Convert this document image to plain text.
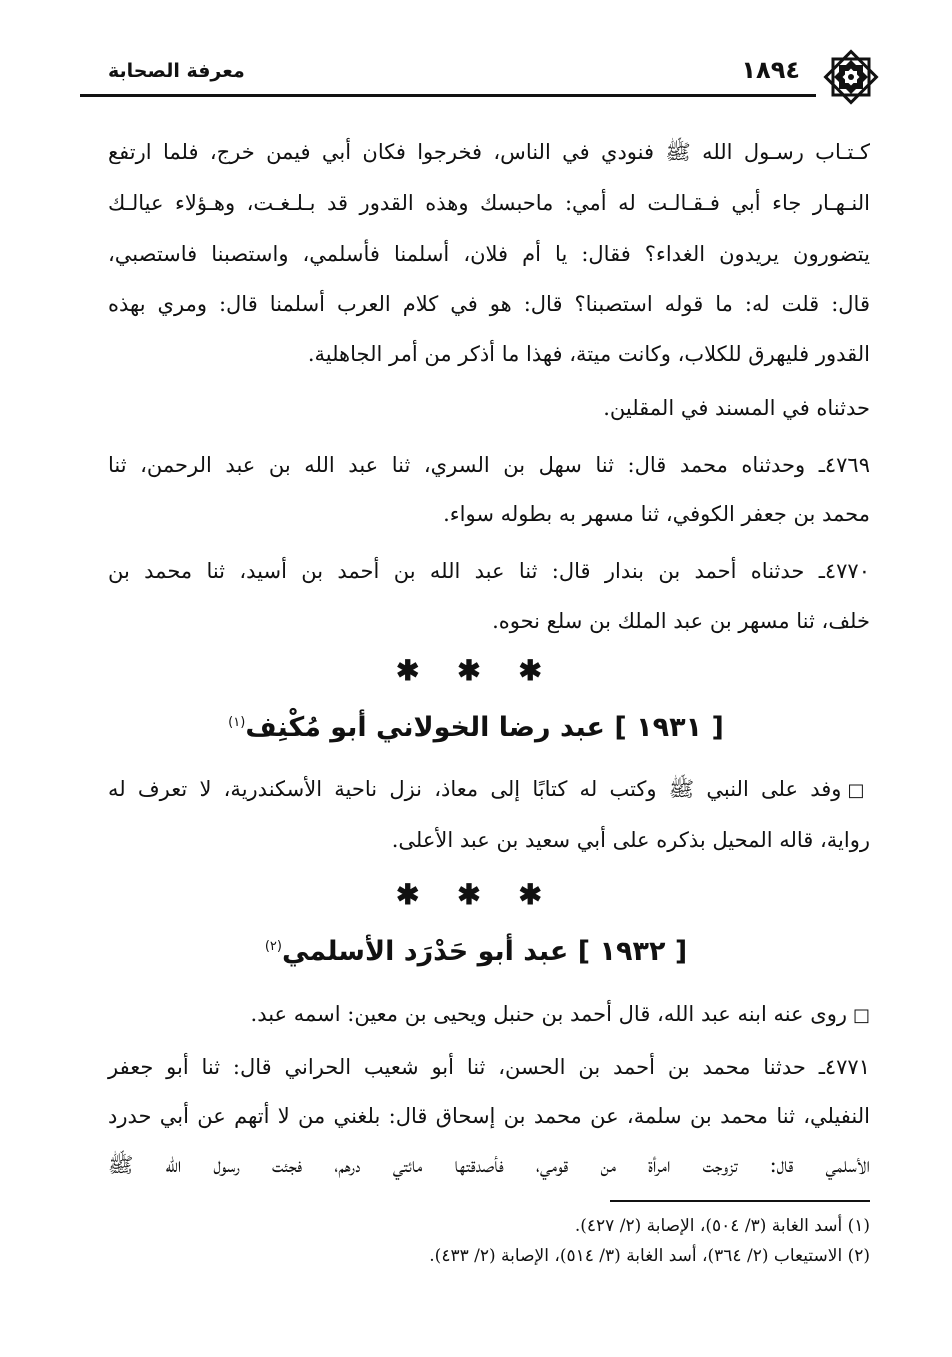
معرفة الصحابة	١٨٩٤
كـتـاب رسـول الله ﷺ فنودي في الناس، فخرجوا فكان أبي فيمن خرج، فلما ارتفع
النـهـار جاء أبي فـقـالـت له أمي: ماحبسك وهذه القدور قد بـلـغـت، وهـؤلاء عيالـك
يتضورون يريدون الغداء؟ فقال: يا أم فلان، أسلمنا فأسلمي، واستصبنا فاستصبي،
قال: قلت له: ما قوله استصبنا؟ قال: هو في كلام العرب أسلمنا قال: ومري بهذه
القدور فليهرق للكلاب، وكانت ميتة، فهذا ما أذكر من أمر الجاهلية.
حدثناه في المسند في المقلين.
٤٧٦٩ـ وحدثناه محمد قال: ثنا سهل بن السري، ثنا عبد الله بن عبد الرحمن، ثنا
محمد بن جعفر الكوفي، ثنا مسهر به بطوله سواء.
٤٧٧٠ـ حدثناه أحمد بن بندار قال: ثنا عبد الله بن أحمد بن أسيد، ثنا محمد بن
خلف، ثنا مسهر بن عبد الملك بن سلع نحوه.
✱ ✱ ✱
[ ١٩٣١ ] عبد رضا الخولاني أبو مُكْنِف$^{(١)}$
□وفد على النبي ﷺ وكتب له كتابًا إلى معاذ، نزل ناحية الأسكندرية، لا تعرف له
رواية، قاله المحيل بذكره على أبي سعيد بن عبد الأعلى.
✱ ✱ ✱
[ ١٩٣٢ ] عبد أبو حَدْرَد الأسلمي$^{(٢)}$
□روى عنه ابنه عبد الله، قال أحمد بن حنبل ويحيى بن معين: اسمه عبد.
٤٧٧١ـ حدثنا محمد بن أحمد بن الحسن، ثنا أبو شعيب الحراني قال: ثنا أبو جعفر
النفيلي، ثنا محمد بن سلمة، عن محمد بن إسحاق قال: بلغني من لا أتهم عن أبي حدرد
الأسلمي قال: تزوجت امرأة من قومي، فأصدقتها مائتي درهم، فجئت رسول الله ﷺ
(١) أسد الغابة (٣/ ٥٠٤)، الإصابة (٢/ ٤٢٧).
(٢) الاستيعاب (٢/ ٣٦٤)، أسد الغابة (٣/ ٥١٤)، الإصابة (٢/ ٤٣٣).
